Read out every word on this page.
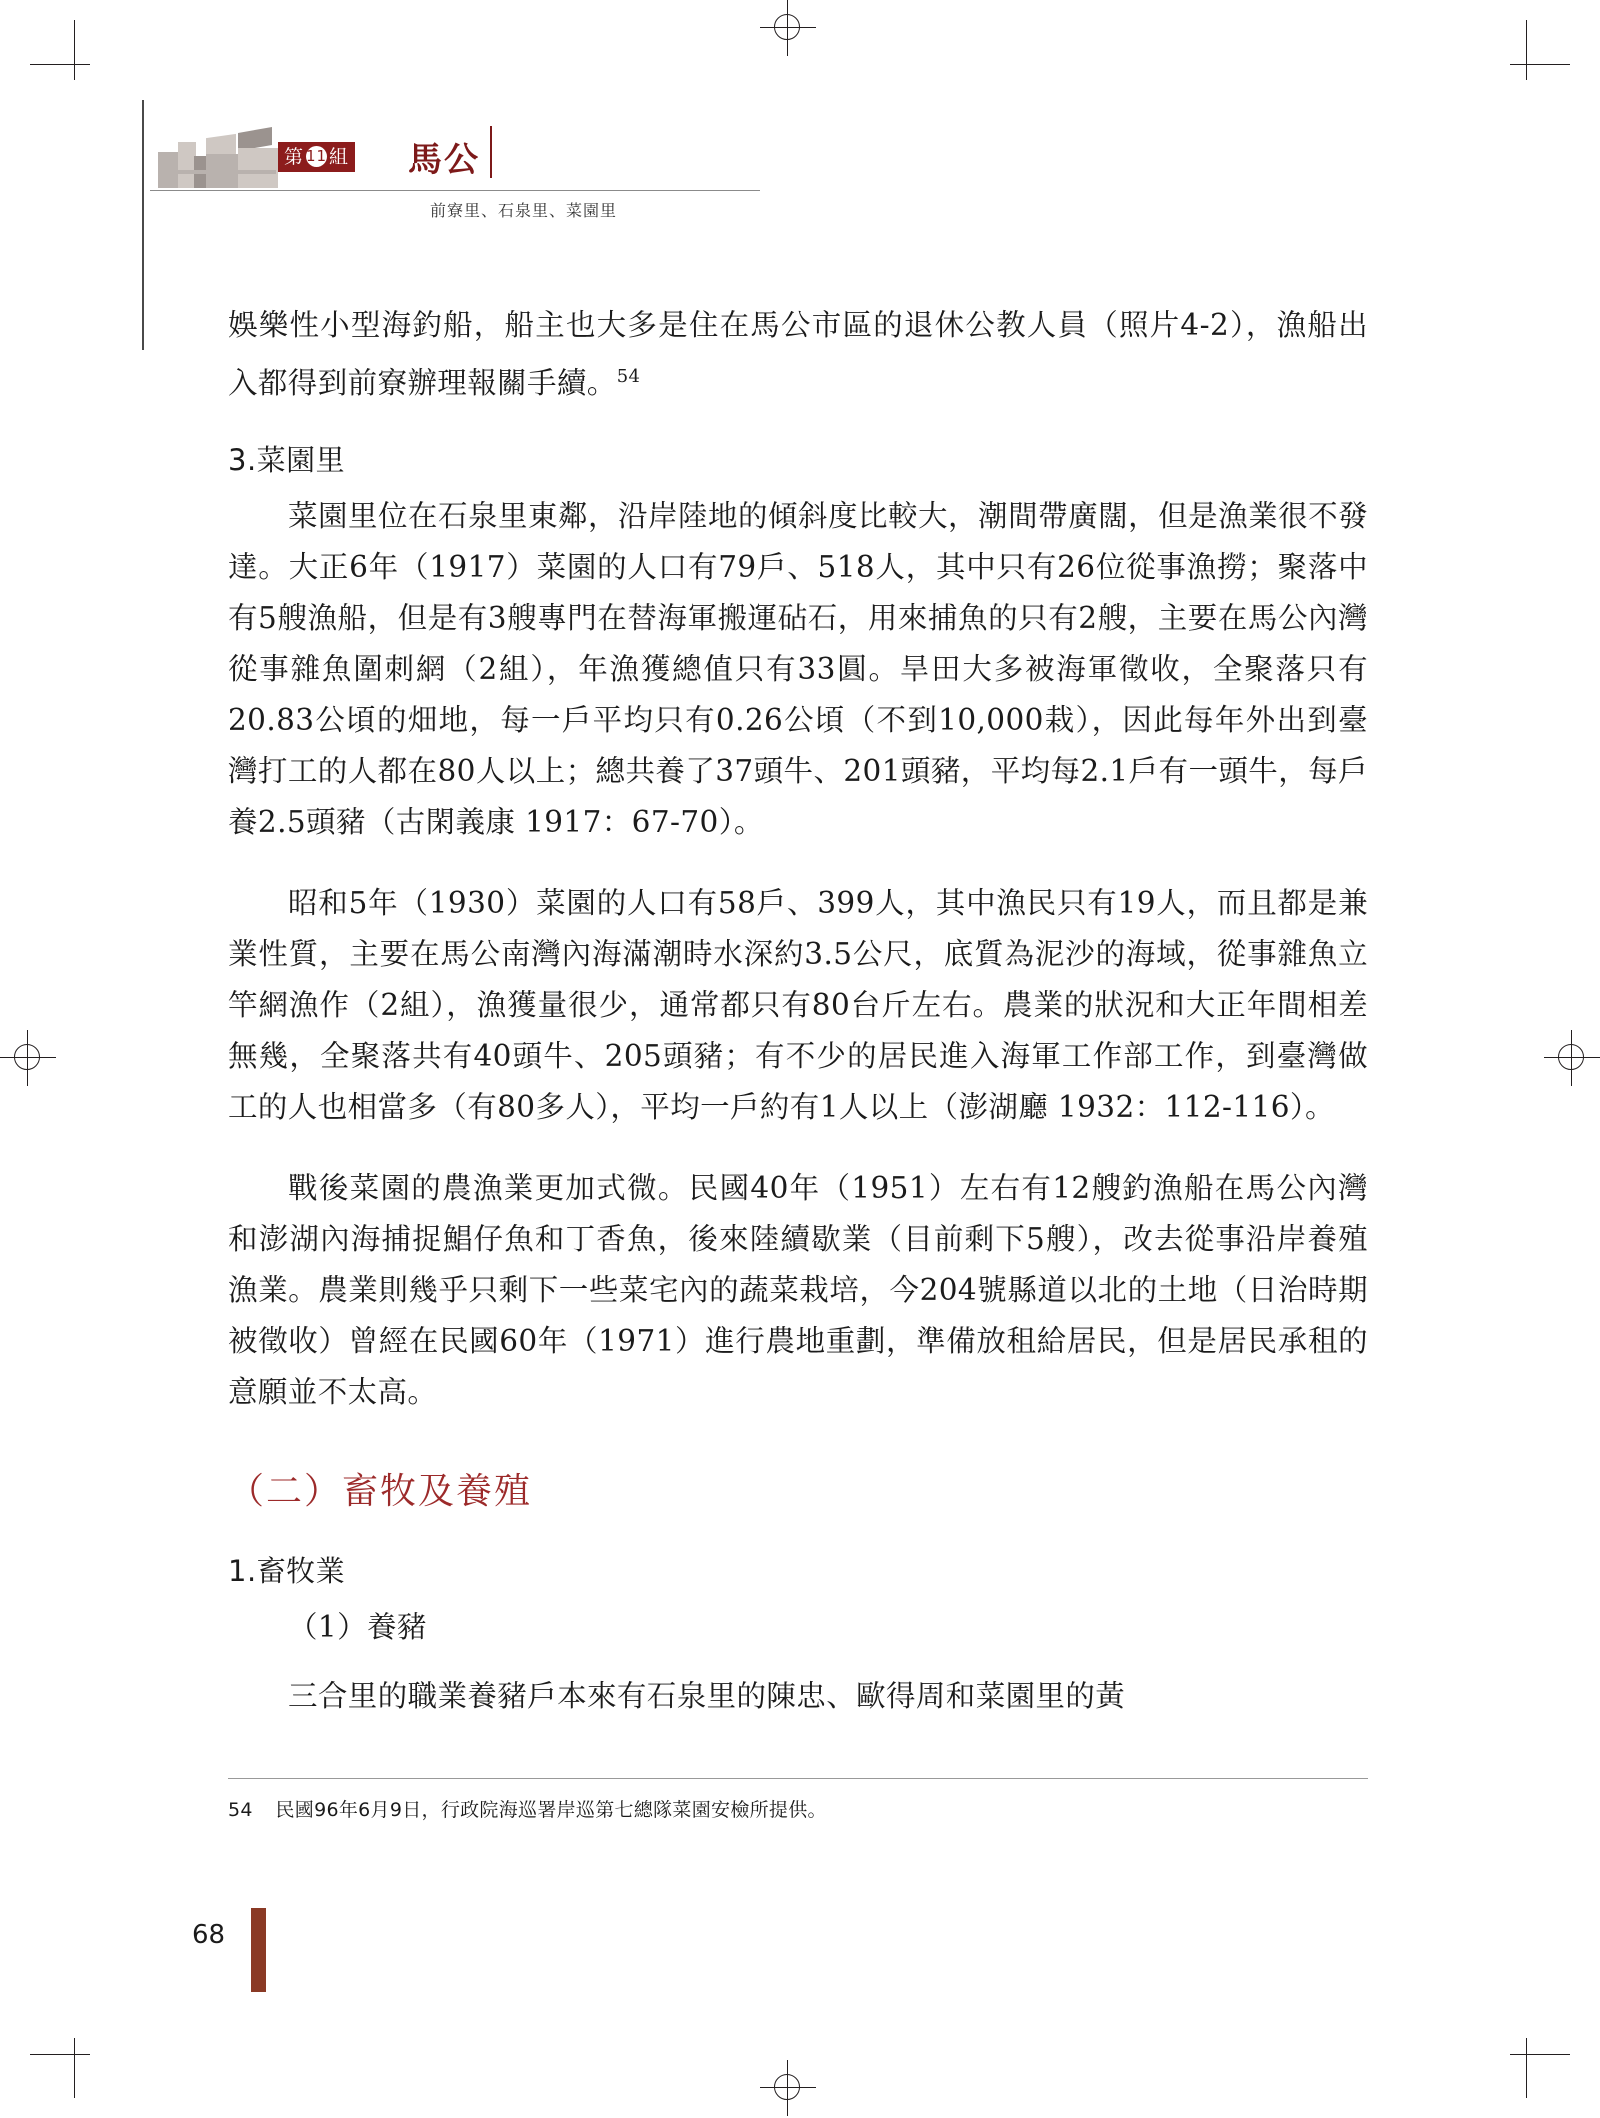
第 11 組 馬公
前寮里、石泉里、菜園里

娛樂性小型海釣船，船主也大多是住在馬公市區的退休公教人員（照片4-2），漁船出入都得到前寮辦理報關手續。$^{54}$

3.菜園里

菜園里位在石泉里東鄰，沿岸陸地的傾斜度比較大，潮間帶廣闊，但是漁業很不發達。大正6年（1917）菜園的人口有79戶、518人，其中只有26位從事漁撈；聚落中有5艘漁船，但是有3艘專門在替海軍搬運砧石，用來捕魚的只有2艘，主要在馬公內灣從事雜魚圍刺網（2組），年漁獲總值只有33圓。旱田大多被海軍徵收，全聚落只有20.83公頃的畑地，每一戶平均只有0.26公頃（不到10,000栽），因此每年外出到臺灣打工的人都在80人以上；總共養了37頭牛、201頭豬，平均每2.1戶有一頭牛，每戶養2.5頭豬（古閑義康 1917：67-70）。

昭和5年（1930）菜園的人口有58戶、399人，其中漁民只有19人，而且都是兼業性質，主要在馬公南灣內海滿潮時水深約3.5公尺，底質為泥沙的海域，從事雜魚立竿網漁作（2組），漁獲量很少，通常都只有80台斤左右。農業的狀況和大正年間相差無幾，全聚落共有40頭牛、205頭豬；有不少的居民進入海軍工作部工作，到臺灣做工的人也相當多（有80多人），平均一戶約有1人以上（澎湖廳 1932：112-116）。

戰後菜園的農漁業更加式微。民國40年（1951）左右有12艘釣漁船在馬公內灣和澎湖內海捕捉鯧仔魚和丁香魚，後來陸續歇業（目前剩下5艘），改去從事沿岸養殖漁業。農業則幾乎只剩下一些菜宅內的蔬菜栽培，今204號縣道以北的土地（日治時期被徵收）曾經在民國60年（1971）進行農地重劃，準備放租給居民，但是居民承租的意願並不太高。

（二）畜牧及養殖
1.畜牧業

（1）養豬

三合里的職業養豬戶本來有石泉里的陳忠、歐得周和菜園里的黃

54 民國96年6月9日，行政院海巡署岸巡第七總隊菜園安檢所提供。
68
